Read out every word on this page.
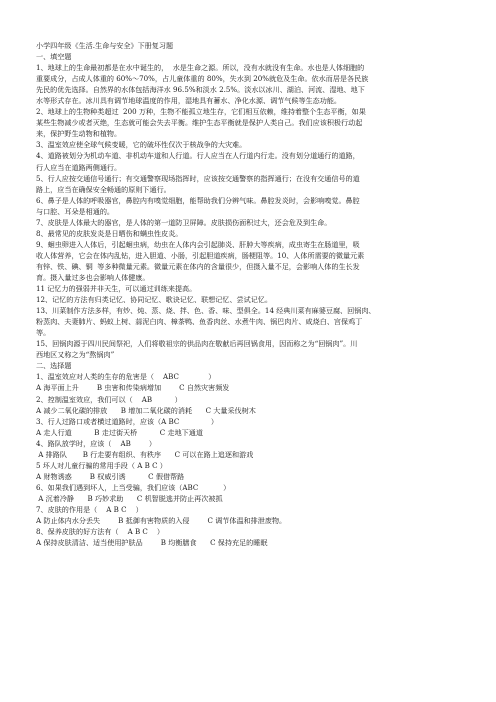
小学四年级《生活.生命与安全》下册复习题
一、填空题
1、地球上的生命最初都是在水中诞生的，  水是生命之源。所以，没有水就没有生命。水也是人体细胞的
重要成分，占成人体重的 60%～70%，占儿童体重的 80%，失水到 20%就危及生命。依水而居是各民族
先民的优先选择。自然界的水体包括海洋水 96.5%和淡水 2.5%。淡水以冰川、湖泊、河流、湿地、地下
水等形式存在。冰川具有调节地球温度的作用，湿地具有蓄水、净化水源、调节气候等生态功能。
2、地球上的生物种类超过  200 万种，生物不能孤立地生存，它们相互依赖，维持着整个生态平衡，如果
某些生物减少或者灭绝，生态就可能会失去平衡。维护生态平衡就是保护人类自己。我们应该积极行动起
来，保护野生动物和植物。
3、温室效应使全球气候变暖，它的破坏性仅次于核战争的大灾难。
4、道路被划分为机动车道、非机动车道和人行道。行人应当在人行道内行走。没有划分道通行的道路，
行人应当在道路两侧通行。
5、行人应按交通信号通行；有交通警察现场指挥时，应该按交通警察的指挥通行；在没有交通信号的道
路上，应当在确保安全畅通的原则下通行。
6、鼻子是人体的呼吸器官，鼻腔内有嗅觉细胞，能帮助我们分辨气味。鼻腔发炎时，会影响嗅觉。鼻腔
与口腔、耳朵是相通的。
7、皮肤是人体最大的器官，是人体的第一道防卫屏障。皮肤损伤面积过大，还会危及到生命。
8、最常见的皮肤发炎是日晒伤和螨虫性皮炎。
9、蛔虫卵进入人体后，引起蛔虫病，幼虫在人体内会引起肺炎、肝肿大等疾病，成虫寄生在肠道里，吸
收人体营养，它会在体内乱钻，进入胆道、小肠，引起胆道疾病，肠梗阻等。10、人体所需要的微量元素
有锌、铁、碘、铜  等多种微量元素。微量元素在体内的含量很少，但摄入量不足，会影响人体的生长发
育。摄入量过多也会影响人体健康。
11 记忆力的强弱并非天生，可以通过训练来提高。
12、记忆的方法有归类记忆、协同记忆、歌诀记忆、联想记忆、尝试记忆。
13、川菜制作方法多样，有炒、炖、蒸、烧、拌、色、香、味、型俱全。14 经典川菜有麻婆豆腐、回锅肉、
粉蒸肉、夫妻肺片、蚂蚁上树、蒜泥白肉、樟茶鸭、鱼香肉丝、水煮牛肉、锅巴肉片、咸烧白、宫保鸡丁
等。
15、回锅肉源于四川民间祭祀，人们将敬祖宗的供品肉在敬献后再回锅食用，因而称之为“回锅肉”。川
西地区又称之为“熬锅肉”
二、选择题
1、温室效应对人类的生存的危害是（    ABC             ）
A 海平面上升        B 虫害和传染病增加        C 自然灾害频发
2、控制温室效应，我们可以（    AB          ）
A 减少二氧化碳的排放      B 增加二氧化碳的消耗      C 大量采伐树木
3、行人过路口或者横过道路时，应该（A BC              ）
A 走人行道          B 走过街天桥          C 走地下通道
4、路队放学时，应该（    AB        ）
A 排路队       B 行走要有组织、有秩序      C 可以在路上追逐和游戏
5 坏人对儿童行骗的常用手段（ A B C ）
A 财物诱惑        B 权威引诱          C 假借帮路
6、如果我们遇到坏人，上当受骗，我们应该（ABC           ）
A 沉着冷静      B 巧妙求助      C 机智脱逃并防止再次被抓
7、皮肤的作用是（    A B C    ）
A 防止体内水分丢失        B 抵御有害物质的入侵        C 调节体温和排泄废物。
8、保养皮肤的好方法有（    A B C    ）
A 保持皮肤清洁、适当使用护肤品        B 均衡膳食      C 保持充足的睡眠
